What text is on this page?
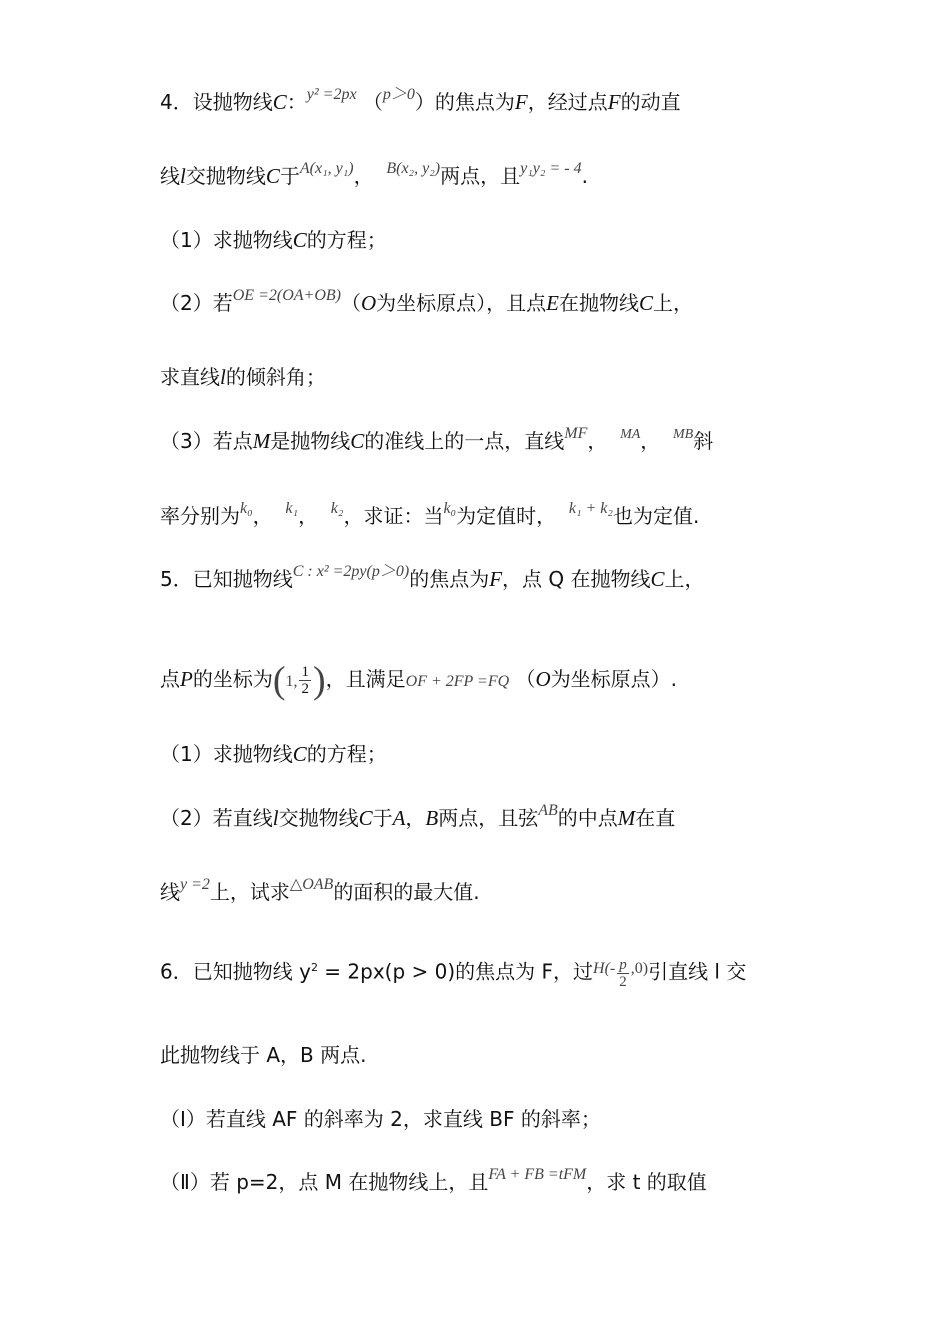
4．设抛物线C：$^{y^2 =2px}$ （$^{p>0}$）的焦点为F，经过点F的动直
线l交抛物线C于$^{A(x_1, y_1)}$， $^{B(x_2, y_2)}$两点，且$^{y_1y_2 = - 4}$.
（1）求抛物线C的方程；
（2）若$^{OE =2(OA+OB)}$（O为坐标原点），且点E在抛物线C上，
求直线l的倾斜角；
（3）若点M是抛物线C的准线上的一点，直线$^{MF}$， $^{MA}$， $^{MB}$斜
率分别为$^{k_0}$， $^{k_1}$， $^{k_2}$，求证：当$^{k_0}$为定值时， $^{k_1 + k_2}$也为定值.
5．已知抛物线$^{C : x^2 =2py(p>0)}$的焦点为F，点 Q 在抛物线C上，
点P的坐标为(1, $\frac{1}{2}$ )，且满足OF + 2FP =FQ （O为坐标原点）.
（1）求抛物线C的方程；
（2）若直线l交抛物线C于A，B两点，且弦$^{AB}$的中点M在直
线$^{y =2}$上，试求$^{\triangle OAB}$的面积的最大值.
6．已知抛物线 $y^2 = 2px(p > 0)$的焦点为 F，过$^{H(-} \frac{p}{2} ^{,0)}$引直线 l 交
此抛物线于 A，B 两点.
（Ⅰ）若直线 AF 的斜率为 2，求直线 BF 的斜率；
（Ⅱ）若 p=2，点 M 在抛物线上，且$^{FA + FB =tFM}$，求 t 的取值
